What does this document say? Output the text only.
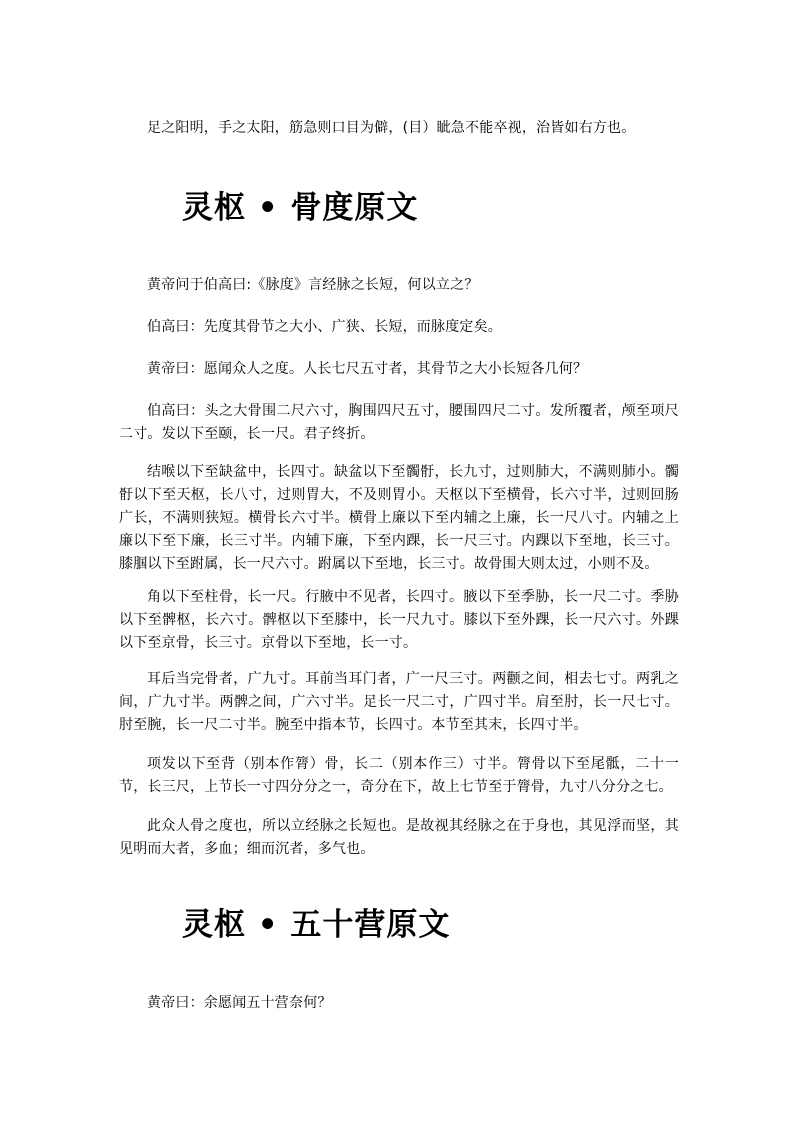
足之阳明，手之太阳，筋急则口目为僻，(目）眦急不能卒视，治皆如右方也。

灵枢 • 骨度原文

黄帝问于伯高曰:《脉度》言经脉之长短，何以立之？

伯高曰：先度其骨节之大小、广狭、长短，而脉度定矣。

黄帝曰：愿闻众人之度。人长七尺五寸者，其骨节之大小长短各几何？

伯高曰：头之大骨围二尺六寸，胸围四尺五寸，腰围四尺二寸。发所覆者，颅至项尺二寸。发以下至颐，长一尺。君子终折。

结喉以下至缺盆中，长四寸。缺盆以下至髑骬，长九寸，过则肺大，不满则肺小。髑骬以下至天枢，长八寸，过则胃大，不及则胃小。天枢以下至横骨，长六寸半，过则回肠广长，不满则狭短。横骨长六寸半。横骨上廉以下至内辅之上廉，长一尺八寸。内辅之上廉以下至下廉，长三寸半。内辅下廉，下至内踝，长一尺三寸。内踝以下至地，长三寸。膝腘以下至跗属，长一尺六寸。跗属以下至地，长三寸。故骨围大则太过，小则不及。

角以下至柱骨，长一尺。行腋中不见者，长四寸。腋以下至季胁，长一尺二寸。季胁以下至髀枢，长六寸。髀枢以下至膝中，长一尺九寸。膝以下至外踝，长一尺六寸。外踝以下至京骨，长三寸。京骨以下至地，长一寸。

耳后当完骨者，广九寸。耳前当耳门者，广一尺三寸。两颧之间，相去七寸。两乳之间，广九寸半。两髀之间，广六寸半。足长一尺二寸，广四寸半。肩至肘，长一尺七寸。肘至腕，长一尺二寸半。腕至中指本节，长四寸。本节至其末，长四寸半。

项发以下至背（别本作膂）骨，长二（别本作三）寸半。膂骨以下至尾骶，二十一节，长三尺，上节长一寸四分分之一，奇分在下，故上七节至于膂骨，九寸八分分之七。

此众人骨之度也，所以立经脉之长短也。是故视其经脉之在于身也，其见浮而坚，其见明而大者，多血；细而沉者，多气也。

灵枢 • 五十营原文

黄帝曰：余愿闻五十营奈何？
